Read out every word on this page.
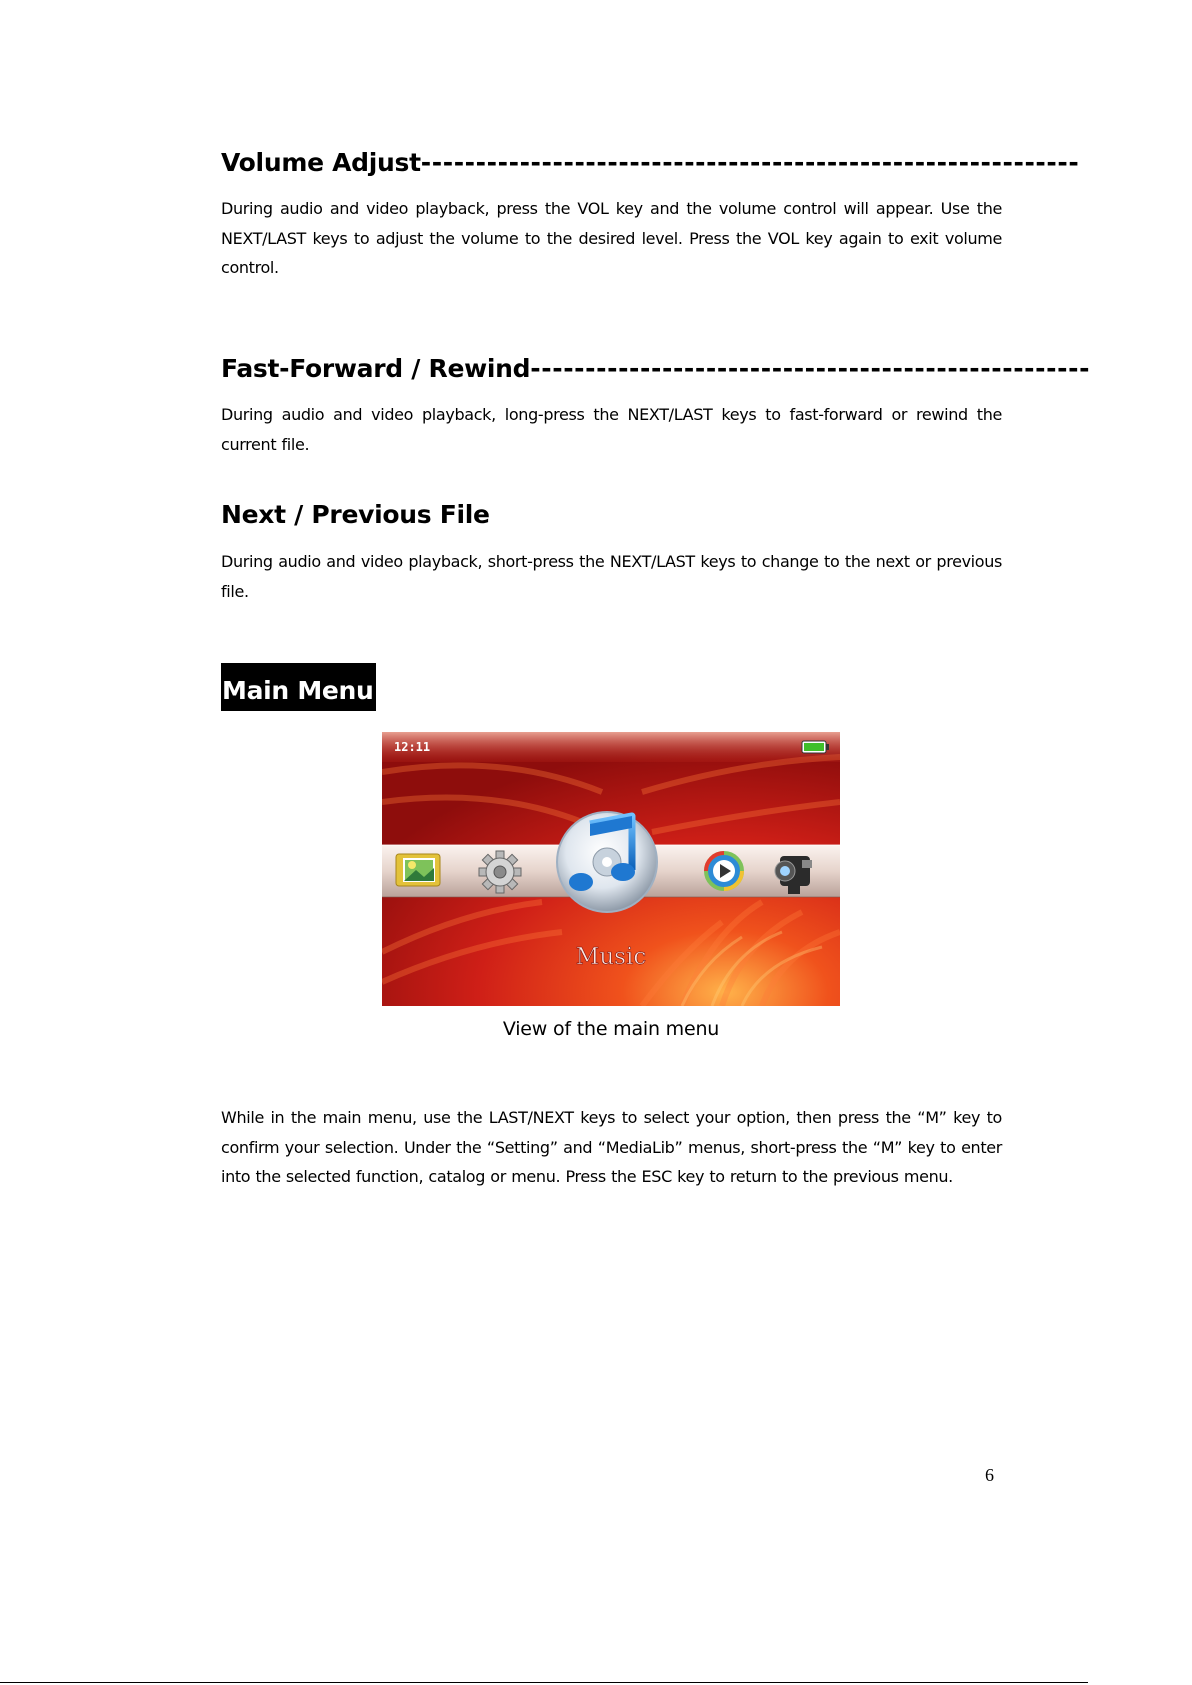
Volume Adjust------------------------------------------------------------

During audio and video playback, press the VOL key and the volume control will appear. Use the NEXT/LAST keys to adjust the volume to the desired level. Press the VOL key again to exit volume control.

Fast-Forward / Rewind---------------------------------------------------

During audio and video playback, long-press the NEXT/LAST keys to fast-forward or rewind the current file.

Next / Previous File

During audio and video playback, short-press the NEXT/LAST keys to change to the next or previous file.

Main Menu
12:11
Music
View of the main menu

While in the main menu, use the LAST/NEXT keys to select your option, then press the “M” key to confirm your selection. Under the “Setting” and “MediaLib” menus, short-press the “M” key to enter into the selected function, catalog or menu. Press the ESC key to return to the previous menu.

6
